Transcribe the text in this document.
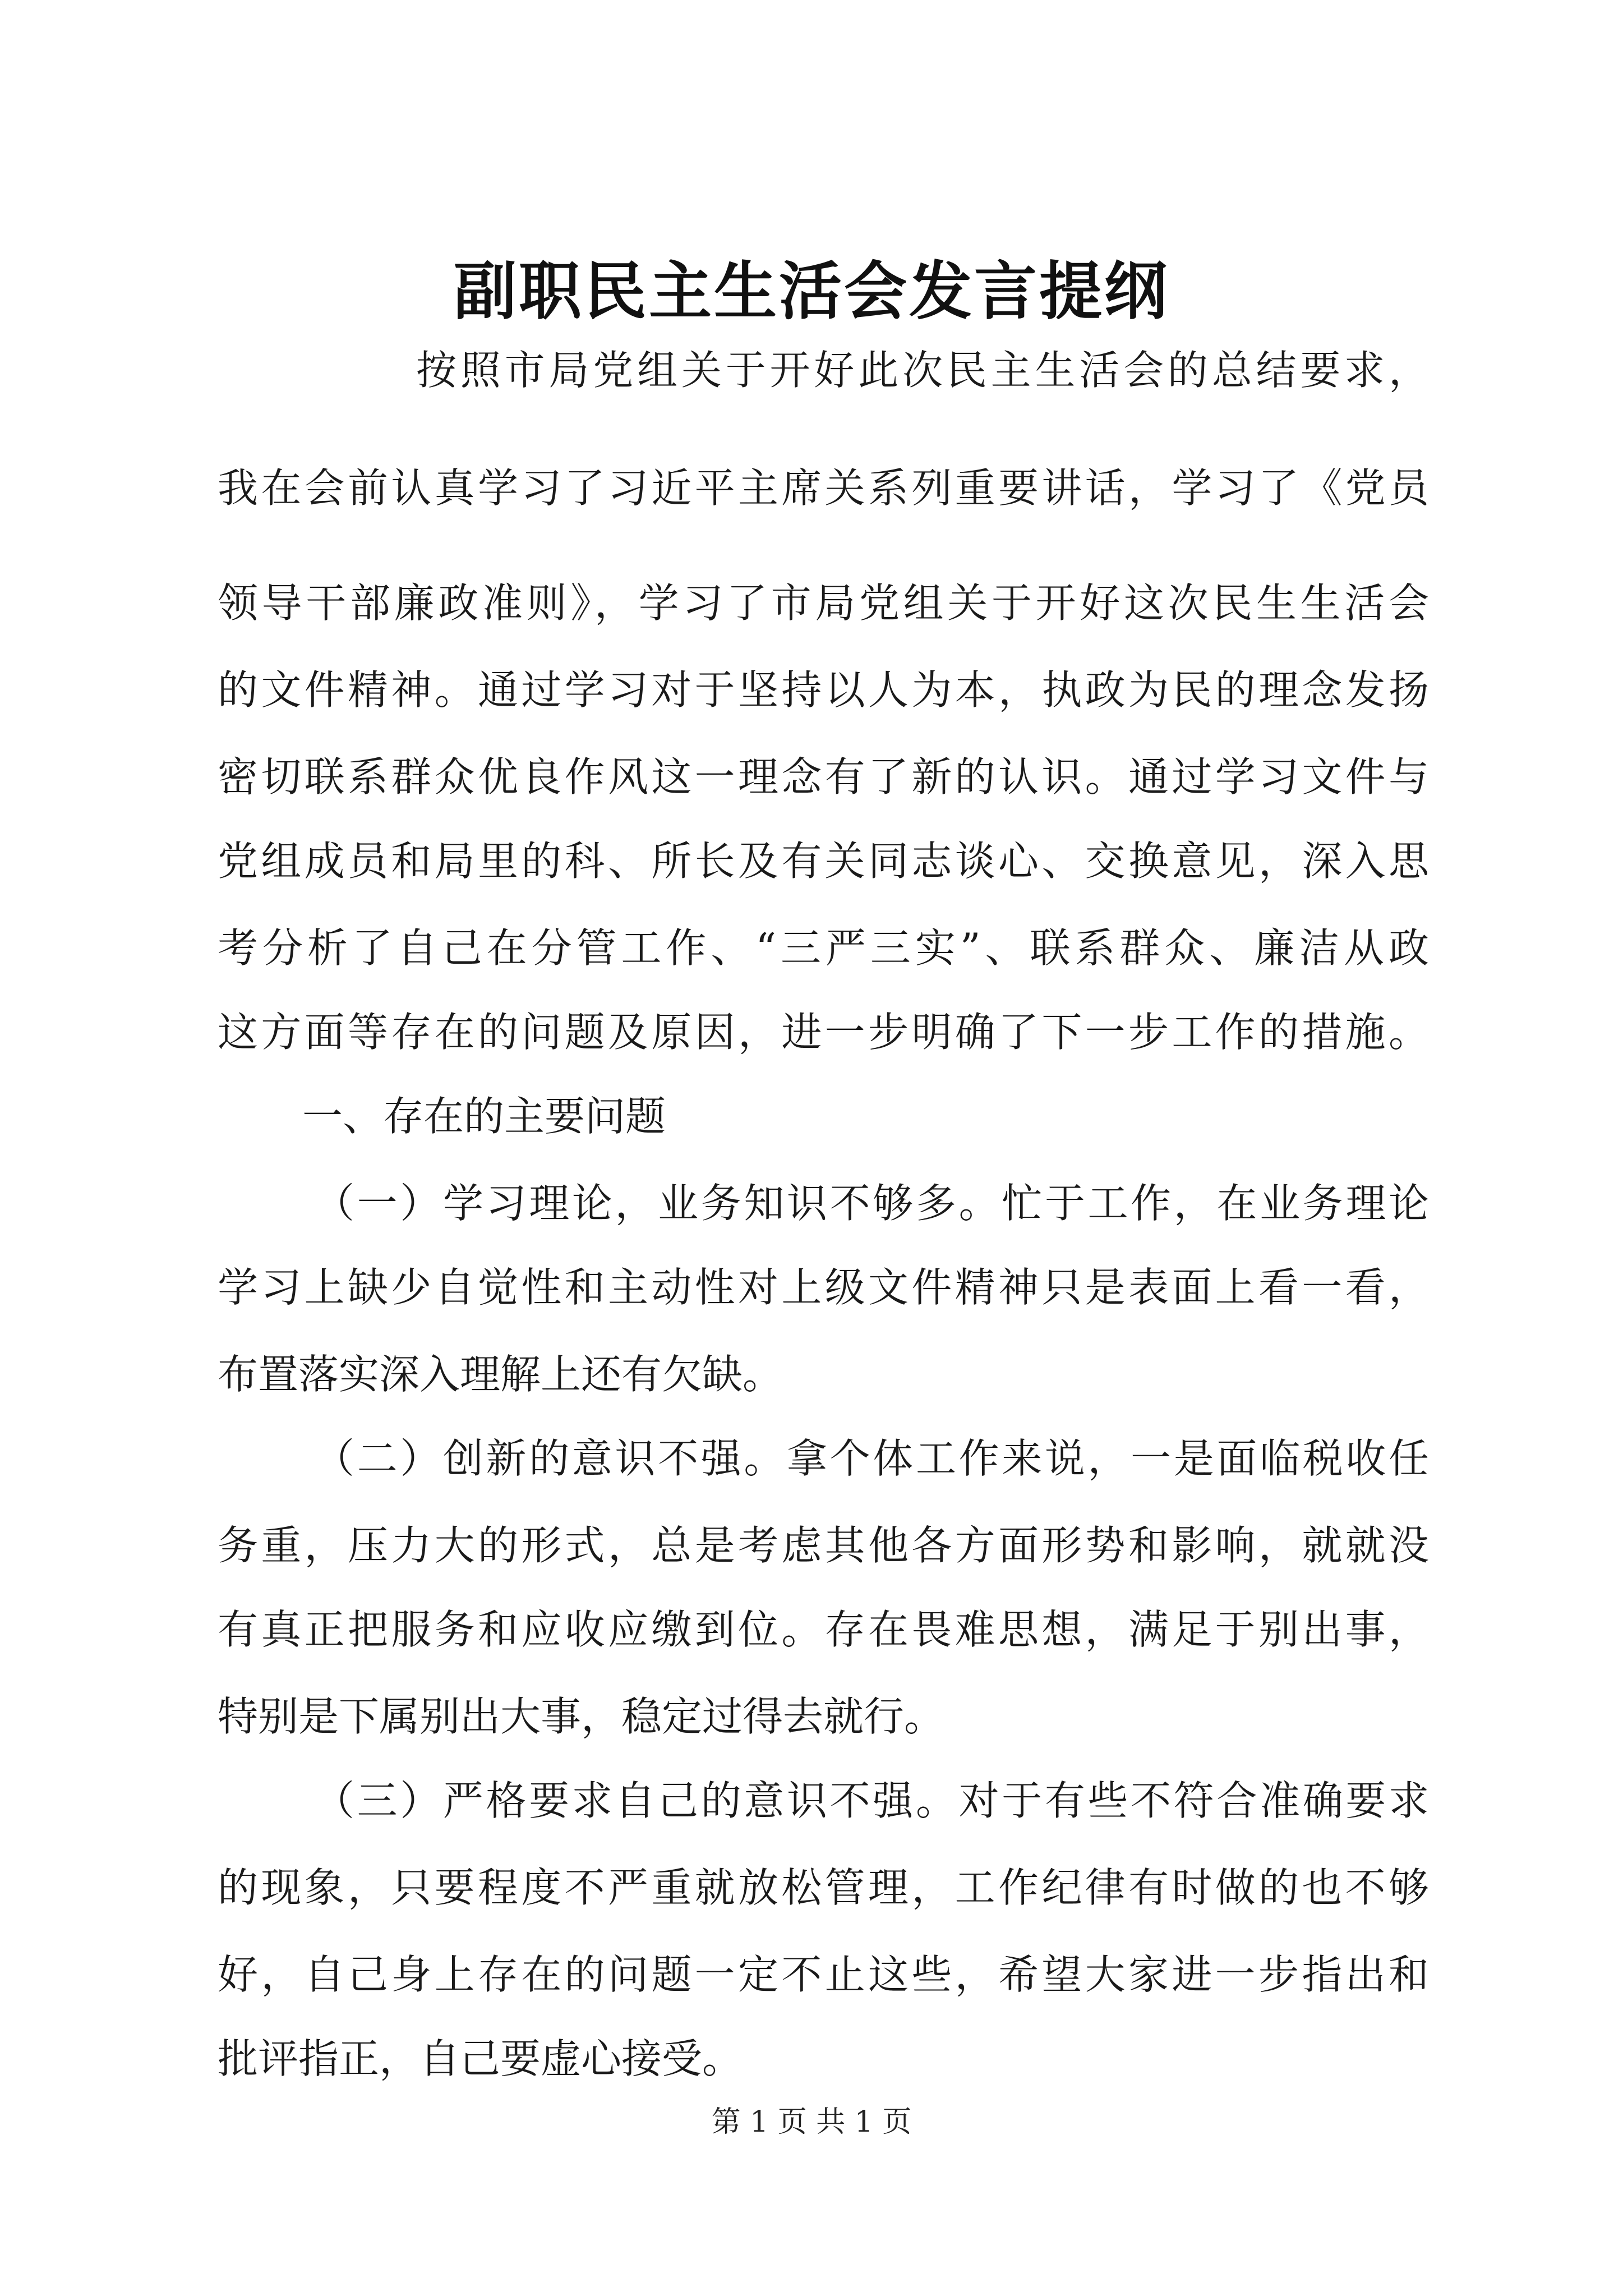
副职民主生活会发言提纲

按照市局党组关于开好此次民主生活会的总结要求，

我在会前认真学习了习近平主席关系列重要讲话，学习了《党员

领导干部廉政准则》，学习了市局党组关于开好这次民生生活会

的文件精神。通过学习对于坚持以人为本，执政为民的理念发扬

密切联系群众优良作风这一理念有了新的认识。通过学习文件与

党组成员和局里的科、所长及有关同志谈心、交换意见，深入思

考分析了自己在分管工作、“三严三实”、联系群众、廉洁从政

这方面等存在的问题及原因，进一步明确了下一步工作的措施。

一、存在的主要问题

（一）学习理论，业务知识不够多。忙于工作，在业务理论

学习上缺少自觉性和主动性对上级文件精神只是表面上看一看，

布置落实深入理解上还有欠缺。

（二）创新的意识不强。拿个体工作来说，一是面临税收任

务重，压力大的形式，总是考虑其他各方面形势和影响，就就没

有真正把服务和应收应缴到位。存在畏难思想，满足于别出事，

特别是下属别出大事，稳定过得去就行。

（三）严格要求自己的意识不强。对于有些不符合准确要求

的现象，只要程度不严重就放松管理，工作纪律有时做的也不够

好，自己身上存在的问题一定不止这些，希望大家进一步指出和

批评指正，自己要虚心接受。

第 1 页 共 1 页
